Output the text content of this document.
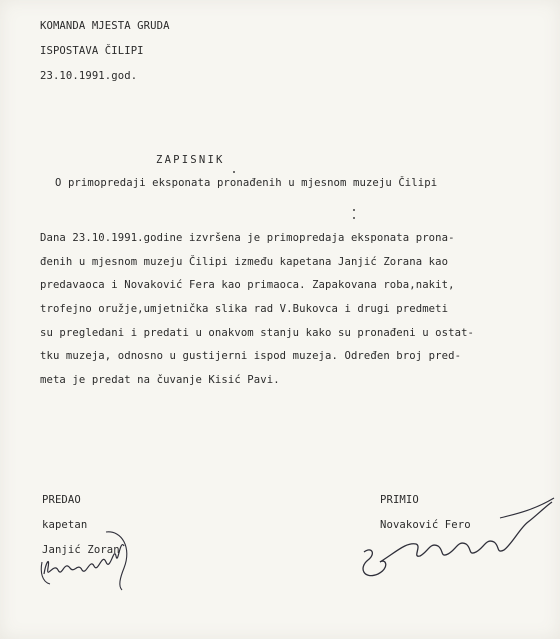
KOMANDA MJESTA GRUDA
ISPOSTAVA ČILIPI
23.10.1991.god.
ZAPISNIK
O primopredaji eksponata pronađenih u mjesnom muzeju Čilipi
Dana 23.10.1991.godine izvršena je primopredaja eksponata prona-
đenih u mjesnom muzeju Čilipi između kapetana Janjić Zorana kao
predavaoca i Novaković Fera kao primaoca. Zapakovana roba,nakit,
trofejno oružje,umjetnička slika rad V.Bukovca i drugi predmeti
su pregledani i predati u onakvom stanju kako su pronađeni u ostat-
tku muzeja, odnosno u gustijerni ispod muzeja. Određen broj pred-
meta je predat na čuvanje Kisić Pavi.
PREDAO
kapetan
Janjić Zoran
PRIMIO
Novaković Fero
